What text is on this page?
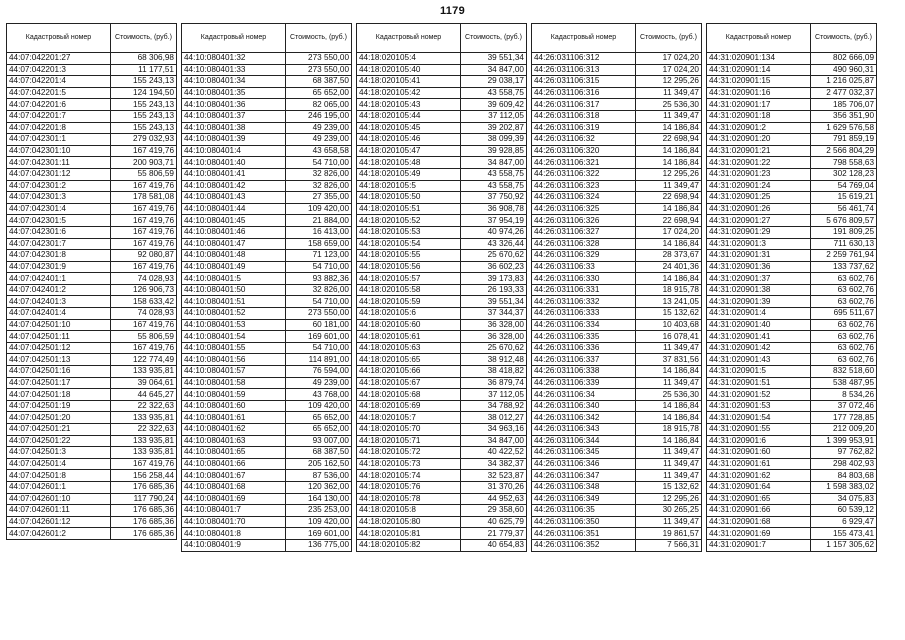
1179
Кадастровый номер	Стоимость, (руб.)
44:07:042201:27	68 306,98
44:07:042201:3	11 177,51
44:07:042201:4	155 243,13
44:07:042201:5	124 194,50
44:07:042201:6	155 243,13
44:07:042201:7	155 243,13
44:07:042201:8	155 243,13
44:07:042301:1	279 032,93
44:07:042301:10	167 419,76
44:07:042301:11	200 903,71
44:07:042301:12	55 806,59
44:07:042301:2	167 419,76
44:07:042301:3	178 581,08
44:07:042301:4	167 419,76
44:07:042301:5	167 419,76
44:07:042301:6	167 419,76
44:07:042301:7	167 419,76
44:07:042301:8	92 080,87
44:07:042301:9	167 419,76
44:07:042401:1	74 028,93
44:07:042401:2	126 906,73
44:07:042401:3	158 633,42
44:07:042401:4	74 028,93
44:07:042501:10	167 419,76
44:07:042501:11	55 806,59
44:07:042501:12	167 419,76
44:07:042501:13	122 774,49
44:07:042501:16	133 935,81
44:07:042501:17	39 064,61
44:07:042501:18	44 645,27
44:07:042501:19	22 322,63
44:07:042501:20	133 935,81
44:07:042501:21	22 322,63
44:07:042501:22	133 935,81
44:07:042501:3	133 935,81
44:07:042501:4	167 419,76
44:07:042501:8	156 258,44
44:07:042601:1	176 685,36
44:07:042601:10	117 790,24
44:07:042601:11	176 685,36
44:07:042601:12	176 685,36
44:07:042601:2	176 685,36
Кадастровый номер	Стоимость, (руб.)
44:10:080401:32	273 550,00
44:10:080401:33	273 550,00
44:10:080401:34	68 387,50
44:10:080401:35	65 652,00
44:10:080401:36	82 065,00
44:10:080401:37	246 195,00
44:10:080401:38	49 239,00
44:10:080401:39	49 239,00
44:10:080401:4	43 658,58
44:10:080401:40	54 710,00
44:10:080401:41	32 826,00
44:10:080401:42	32 826,00
44:10:080401:43	27 355,00
44:10:080401:44	109 420,00
44:10:080401:45	21 884,00
44:10:080401:46	16 413,00
44:10:080401:47	158 659,00
44:10:080401:48	71 123,00
44:10:080401:49	54 710,00
44:10:080401:5	93 882,36
44:10:080401:50	32 826,00
44:10:080401:51	54 710,00
44:10:080401:52	273 550,00
44:10:080401:53	60 181,00
44:10:080401:54	169 601,00
44:10:080401:55	54 710,00
44:10:080401:56	114 891,00
44:10:080401:57	76 594,00
44:10:080401:58	49 239,00
44:10:080401:59	43 768,00
44:10:080401:60	109 420,00
44:10:080401:61	65 652,00
44:10:080401:62	65 652,00
44:10:080401:63	93 007,00
44:10:080401:65	68 387,50
44:10:080401:66	205 162,50
44:10:080401:67	87 536,00
44:10:080401:68	120 362,00
44:10:080401:69	164 130,00
44:10:080401:7	235 253,00
44:10:080401:70	109 420,00
44:10:080401:8	169 601,00
44:10:080401:9	136 775,00
Кадастровый номер	Стоимость, (руб.)
44:18:020105:4	39 551,34
44:18:020105:40	34 847,00
44:18:020105:41	29 038,17
44:18:020105:42	43 558,75
44:18:020105:43	39 609,42
44:18:020105:44	37 112,05
44:18:020105:45	39 202,87
44:18:020105:46	38 099,39
44:18:020105:47	39 928,85
44:18:020105:48	34 847,00
44:18:020105:49	43 558,75
44:18:020105:5	43 558,75
44:18:020105:50	37 750,92
44:18:020105:51	36 908,78
44:18:020105:52	37 954,19
44:18:020105:53	40 974,26
44:18:020105:54	43 326,44
44:18:020105:55	25 670,62
44:18:020105:56	36 602,23
44:18:020105:57	39 173,83
44:18:020105:58	26 193,33
44:18:020105:59	39 551,34
44:18:020105:6	37 344,37
44:18:020105:60	36 328,00
44:18:020105:61	36 328,00
44:18:020105:63	25 670,62
44:18:020105:65	38 912,48
44:18:020105:66	38 418,82
44:18:020105:67	36 879,74
44:18:020105:68	37 112,05
44:18:020105:69	34 788,92
44:18:020105:7	38 012,27
44:18:020105:70	34 963,16
44:18:020105:71	34 847,00
44:18:020105:72	40 422,52
44:18:020105:73	34 382,37
44:18:020105:74	32 523,87
44:18:020105:76	31 370,26
44:18:020105:78	44 952,63
44:18:020105:8	29 358,60
44:18:020105:80	40 625,79
44:18:020105:81	21 779,37
44:18:020105:82	40 654,83
Кадастровый номер	Стоимость, (руб.)
44:26:031106:312	17 024,20
44:26:031106:313	17 024,20
44:26:031106:315	12 295,26
44:26:031106:316	11 349,47
44:26:031106:317	25 536,30
44:26:031106:318	11 349,47
44:26:031106:319	14 186,84
44:26:031106:32	22 698,94
44:26:031106:320	14 186,84
44:26:031106:321	14 186,84
44:26:031106:322	12 295,26
44:26:031106:323	11 349,47
44:26:031106:324	22 698,94
44:26:031106:325	14 186,84
44:26:031106:326	22 698,94
44:26:031106:327	17 024,20
44:26:031106:328	14 186,84
44:26:031106:329	28 373,67
44:26:031106:33	24 401,36
44:26:031106:330	14 186,84
44:26:031106:331	18 915,78
44:26:031106:332	13 241,05
44:26:031106:333	15 132,62
44:26:031106:334	10 403,68
44:26:031106:335	16 078,41
44:26:031106:336	11 349,47
44:26:031106:337	37 831,56
44:26:031106:338	14 186,84
44:26:031106:339	11 349,47
44:26:031106:34	25 536,30
44:26:031106:340	14 186,84
44:26:031106:342	14 186,84
44:26:031106:343	18 915,78
44:26:031106:344	14 186,84
44:26:031106:345	11 349,47
44:26:031106:346	11 349,47
44:26:031106:347	11 349,47
44:26:031106:348	15 132,62
44:26:031106:349	12 295,26
44:26:031106:35	30 265,25
44:26:031106:350	11 349,47
44:26:031106:351	19 861,57
44:26:031106:352	7 566,31
Кадастровый номер	Стоимость, (руб.)
44:31:020901:134	802 666,09
44:31:020901:14	490 960,31
44:31:020901:15	1 216 025,87
44:31:020901:16	2 477 032,37
44:31:020901:17	185 706,07
44:31:020901:18	356 351,90
44:31:020901:2	1 629 576,58
44:31:020901:20	791 859,19
44:31:020901:21	2 566 804,29
44:31:020901:22	798 558,63
44:31:020901:23	302 128,23
44:31:020901:24	54 769,04
44:31:020901:25	15 619,21
44:31:020901:26	56 461,74
44:31:020901:27	5 676 809,57
44:31:020901:29	191 809,25
44:31:020901:3	711 630,13
44:31:020901:31	2 259 761,94
44:31:020901:36	133 737,62
44:31:020901:37	63 602,76
44:31:020901:38	63 602,76
44:31:020901:39	63 602,76
44:31:020901:4	695 511,67
44:31:020901:40	63 602,76
44:31:020901:41	63 602,76
44:31:020901:42	63 602,76
44:31:020901:43	63 602,76
44:31:020901:5	832 518,60
44:31:020901:51	538 487,95
44:31:020901:52	8 534,26
44:31:020901:53	37 072,46
44:31:020901:54	177 728,85
44:31:020901:55	212 009,20
44:31:020901:6	1 399 953,91
44:31:020901:60	97 762,82
44:31:020901:61	298 402,93
44:31:020901:62	84 803,68
44:31:020901:64	1 598 383,02
44:31:020901:65	34 075,83
44:31:020901:66	60 539,12
44:31:020901:68	6 929,47
44:31:020901:69	155 473,41
44:31:020901:7	1 157 305,62
